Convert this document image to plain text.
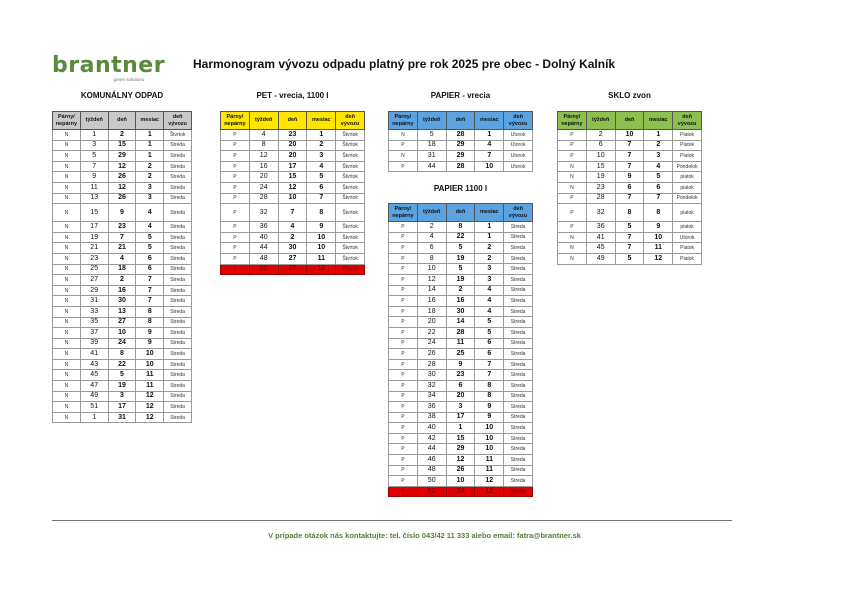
brantner
green solutions
Harmonogram vývozu odpadu platný pre rok 2025 pre obec - Dolný Kalník
KOMUNÁLNY ODPAD	PET - vrecia, 1100 l	PAPIER - vrecia
PAPIER 1100 l
SKLO zvon
Párny/ nepárny	týždeň	deň	mesiac	deň vývozu
N	1	2	1	Štvrtok
N	3	15	1	Streda
N	5	29	1	Streda
N	7	12	2	Streda
N	9	26	2	Streda
N	11	12	3	Streda
N	13	26	3	Streda
N	15	9	4	Streda
N	17	23	4	Streda
N	19	7	5	Streda
N	21	21	5	Streda
N	23	4	6	Streda
N	25	18	6	Streda
N	27	2	7	Streda
N	29	16	7	Streda
N	31	30	7	Streda
N	33	13	8	Streda
N	35	27	8	Streda
N	37	10	9	Streda
N	39	24	9	Streda
N	41	8	10	Streda
N	43	22	10	Streda
N	45	5	11	Streda
N	47	19	11	Streda
N	49	3	12	Streda
N	51	17	12	Streda
N	1	31	12	Streda
Párny/ nepárny	týždeň	deň	mesiac	deň vývozu
P	4	23	1	Štvrtok
P	8	20	2	Štvrtok
P	12	20	3	Štvrtok
P	16	17	4	Štvrtok
P	20	15	5	Štvrtok
P	24	12	6	Štvrtok
P	28	10	7	Štvrtok
P	32	7	8	Štvrtok
P	36	4	9	Štvrtok
P	40	2	10	Štvrtok
P	44	30	10	Štvrtok
P	48	27	11	Štvrtok
P	52	26	12	Piatok
Párny/ nepárny	týždeň	deň	mesiac	deň vývozu
N	5	28	1	Utorok
P	18	29	4	Utorok
N	31	29	7	Utorok
P	44	28	10	Utorok
Párny/ nepárny	týždeň	deň	mesiac	deň vývozu
P	2	8	1	Streda
P	4	22	1	Streda
P	6	5	2	Streda
P	8	19	2	Streda
P	10	5	3	Streda
P	12	19	3	Streda
P	14	2	4	Streda
P	16	16	4	Streda
P	18	30	4	Streda
P	20	14	5	Streda
P	22	28	5	Streda
P	24	11	6	Streda
P	26	25	6	Streda
P	28	9	7	Streda
P	30	23	7	Streda
P	32	6	8	Streda
P	34	20	8	Streda
P	36	3	9	Streda
P	38	17	9	Streda
P	40	1	10	Streda
P	42	15	10	Streda
P	44	29	10	Streda
P	46	12	11	Streda
P	48	26	11	Streda
P	50	10	12	Streda
P	52	24	12	Streda
Párny/ nepárny	týždeň	deň	mesiac	deň vývozu
P	2	10	1	Piatok
P	6	7	2	Piatok
P	10	7	3	Piatok
N	15	7	4	Pondelok
N	19	9	5	piatok
N	23	6	6	piatok
P	28	7	7	Pondelok
P	32	8	8	piatok
P	36	5	9	piatok
N	41	7	10	Utorok
N	45	7	11	Piatok
N	49	5	12	Piatok
V prípade otázok nás kontaktujte: tel. číslo 043/42 11 333 alebo email: fatra@brantner.sk
